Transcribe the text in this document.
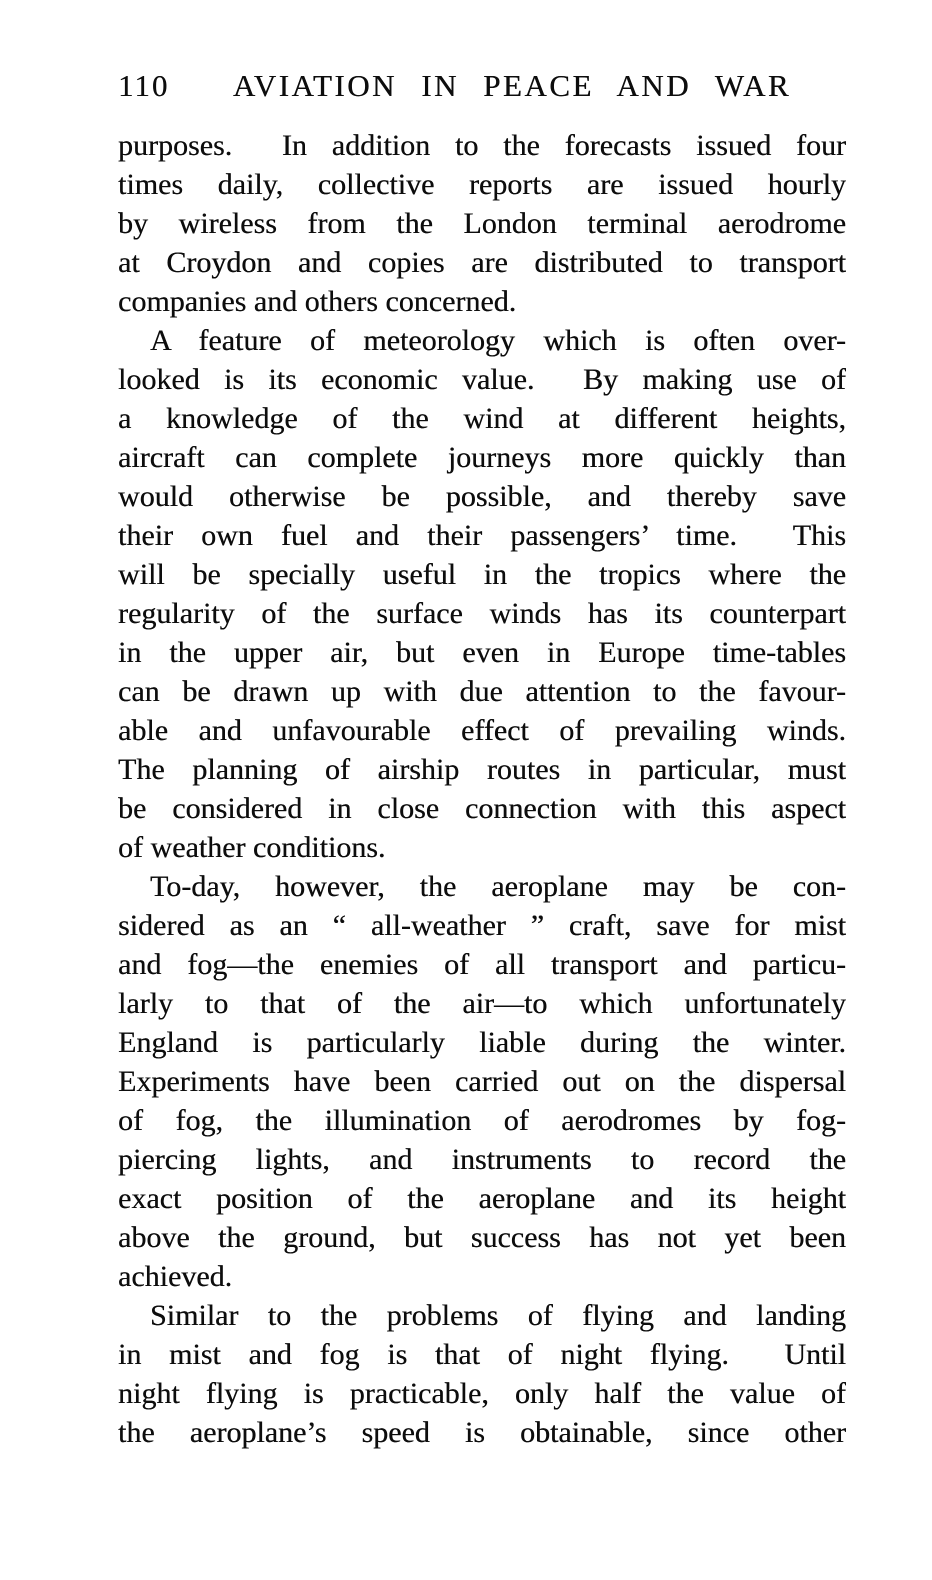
110	AVIATION IN PEACE AND WAR
purposes.  In addition to the forecasts issued four
times daily, collective reports are issued hourly
by wireless from the London terminal aerodrome
at Croydon and copies are distributed to transport
companies and others concerned.
A feature of meteorology which is often over-
looked is its economic value.  By making use of
a knowledge of the wind at different heights,
aircraft can complete journeys more quickly than
would otherwise be possible, and thereby save
their own fuel and their passengers’ time.  This
will be specially useful in the tropics where the
regularity of the surface winds has its counterpart
in the upper air, but even in Europe time-tables
can be drawn up with due attention to the favour-
able and unfavourable effect of prevailing winds.
The planning of airship routes in particular, must
be considered in close connection with this aspect
of weather conditions.
To-day, however, the aeroplane may be con-
sidered as an “ all-weather ” craft, save for mist
and fog—the enemies of all transport and particu-
larly to that of the air—to which unfortunately
England is particularly liable during the winter.
Experiments have been carried out on the dispersal
of fog, the illumination of aerodromes by fog-
piercing lights, and instruments to record the
exact position of the aeroplane and its height
above the ground, but success has not yet been
achieved.
Similar to the problems of flying and landing
in mist and fog is that of night flying.  Until
night flying is practicable, only half the value of
the aeroplane’s speed is obtainable, since other
